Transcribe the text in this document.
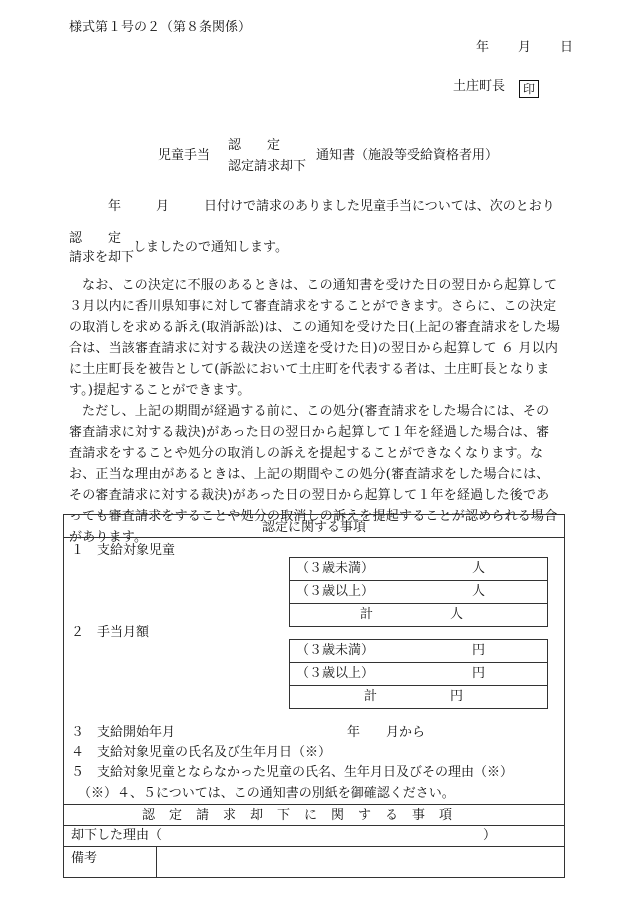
様式第１号の２（第８条関係）
年　　月　　日
土庄町長 印
児童手当
認　　定
認定請求却下
通知書（施設等受給資格者用）
年	月	日付けで請求のありました児童手当については、次のとおり
認　　定
請求を却下
しましたので通知します。

なお、この決定に不服のあるときは、この通知書を受けた日の翌日から起算して３月以内に香川県知事に対して審査請求をすることができます。さらに、この決定の取消しを求める訴え(取消訴訟)は、この通知を受けた日(上記の審査請求をした場合は、当該審査請求に対する裁決の送達を受けた日)の翌日から起算して ６ 月以内に土庄町長を被告として(訴訟において土庄町を代表する者は、土庄町長となります。)提起することができます。

ただし、上記の期間が経過する前に、この処分(審査請求をした場合には、その審査請求に対する裁決)があった日の翌日から起算して１年を経過した場合は、審査請求をすることや処分の取消しの訴えを提起することができなくなります。なお、正当な理由があるときは、上記の期間やこの処分(審査請求をした場合には、その審査請求に対する裁決)があった日の翌日から起算して１年を経過した後であっても審査請求をすることや処分の取消しの訴えを提起することが認められる場合があります。

認定に関する事項
１　支給対象児童
（３歳未満）	人
（３歳以上）	人
計	人
２　手当月額
（３歳未満）	円
（３歳以上）	円
計	円
３　支給開始年月	年　　月から
４　支給対象児童の氏名及び生年月日（※）
５　支給対象児童とならなかった児童の氏名、生年月日及びその理由（※）
（※）４、５については、この通知書の別紙を御確認ください。
認定請求却下に関する事項
却下した理由（	）
備考
